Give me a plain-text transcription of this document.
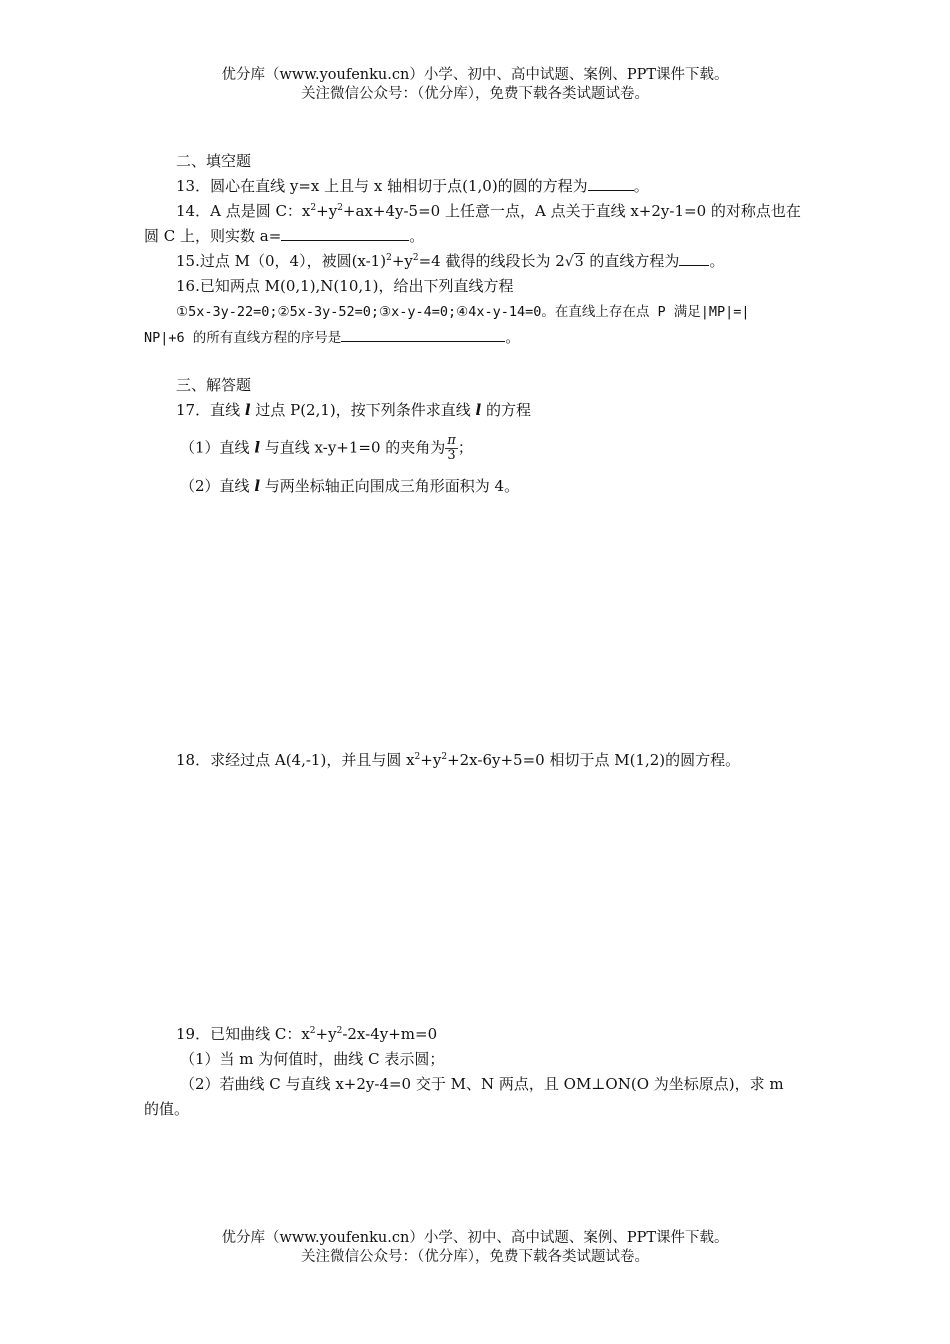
优分库（www.youfenku.cn）小学、初中、高中试题、案例、PPT课件下载。
关注微信公众号：（优分库），免费下载各类试题试卷。
二、填空题
13．圆心在直线 y=x 上且与 x 轴相切于点(1,0)的圆的方程为	。
14．A 点是圆 C：$x^2+y^2+ax+4y-5=0$ 上任意一点，A 点关于直线 x+2y-1=0 的对称点也在
圆 C 上，则实数 a=	。
15.过点 M（0，4），被圆$(x-1)^2+y^2=4$ 截得的线段长为 2√3 的直线方程为 。
16.已知两点 M(0,1),N(10,1)，给出下列直线方程
①5x-3y-22=0;②5x-3y-52=0;③x-y-4=0;④4x-y-14=0。在直线上存在点 P 满足|MP|=|
NP|+6 的所有直线方程的序号是	。
三、解答题
17．直线 l 过点 P(2,1)，按下列条件求直线 l 的方程
（1）直线 l 与直线 x-y+1=0 的夹角为 $\frac{\pi}{3}$ ；
（2）直线 l 与两坐标轴正向围成三角形面积为 4。
18．求经过点 A(4,-1)，并且与圆 $x^2+y^2+2x-6y+5=0$ 相切于点 M(1,2)的圆方程。
19．已知曲线 C：$x^2+y^2-2x-4y+m=0$
（1）当 m 为何值时，曲线 C 表示圆；
（2）若曲线 C 与直线 x+2y-4=0 交于 M、N 两点，且 OM⊥ON(O 为坐标原点)，求 m
的值。
优分库（www.youfenku.cn）小学、初中、高中试题、案例、PPT课件下载。
关注微信公众号：（优分库），免费下载各类试题试卷。
